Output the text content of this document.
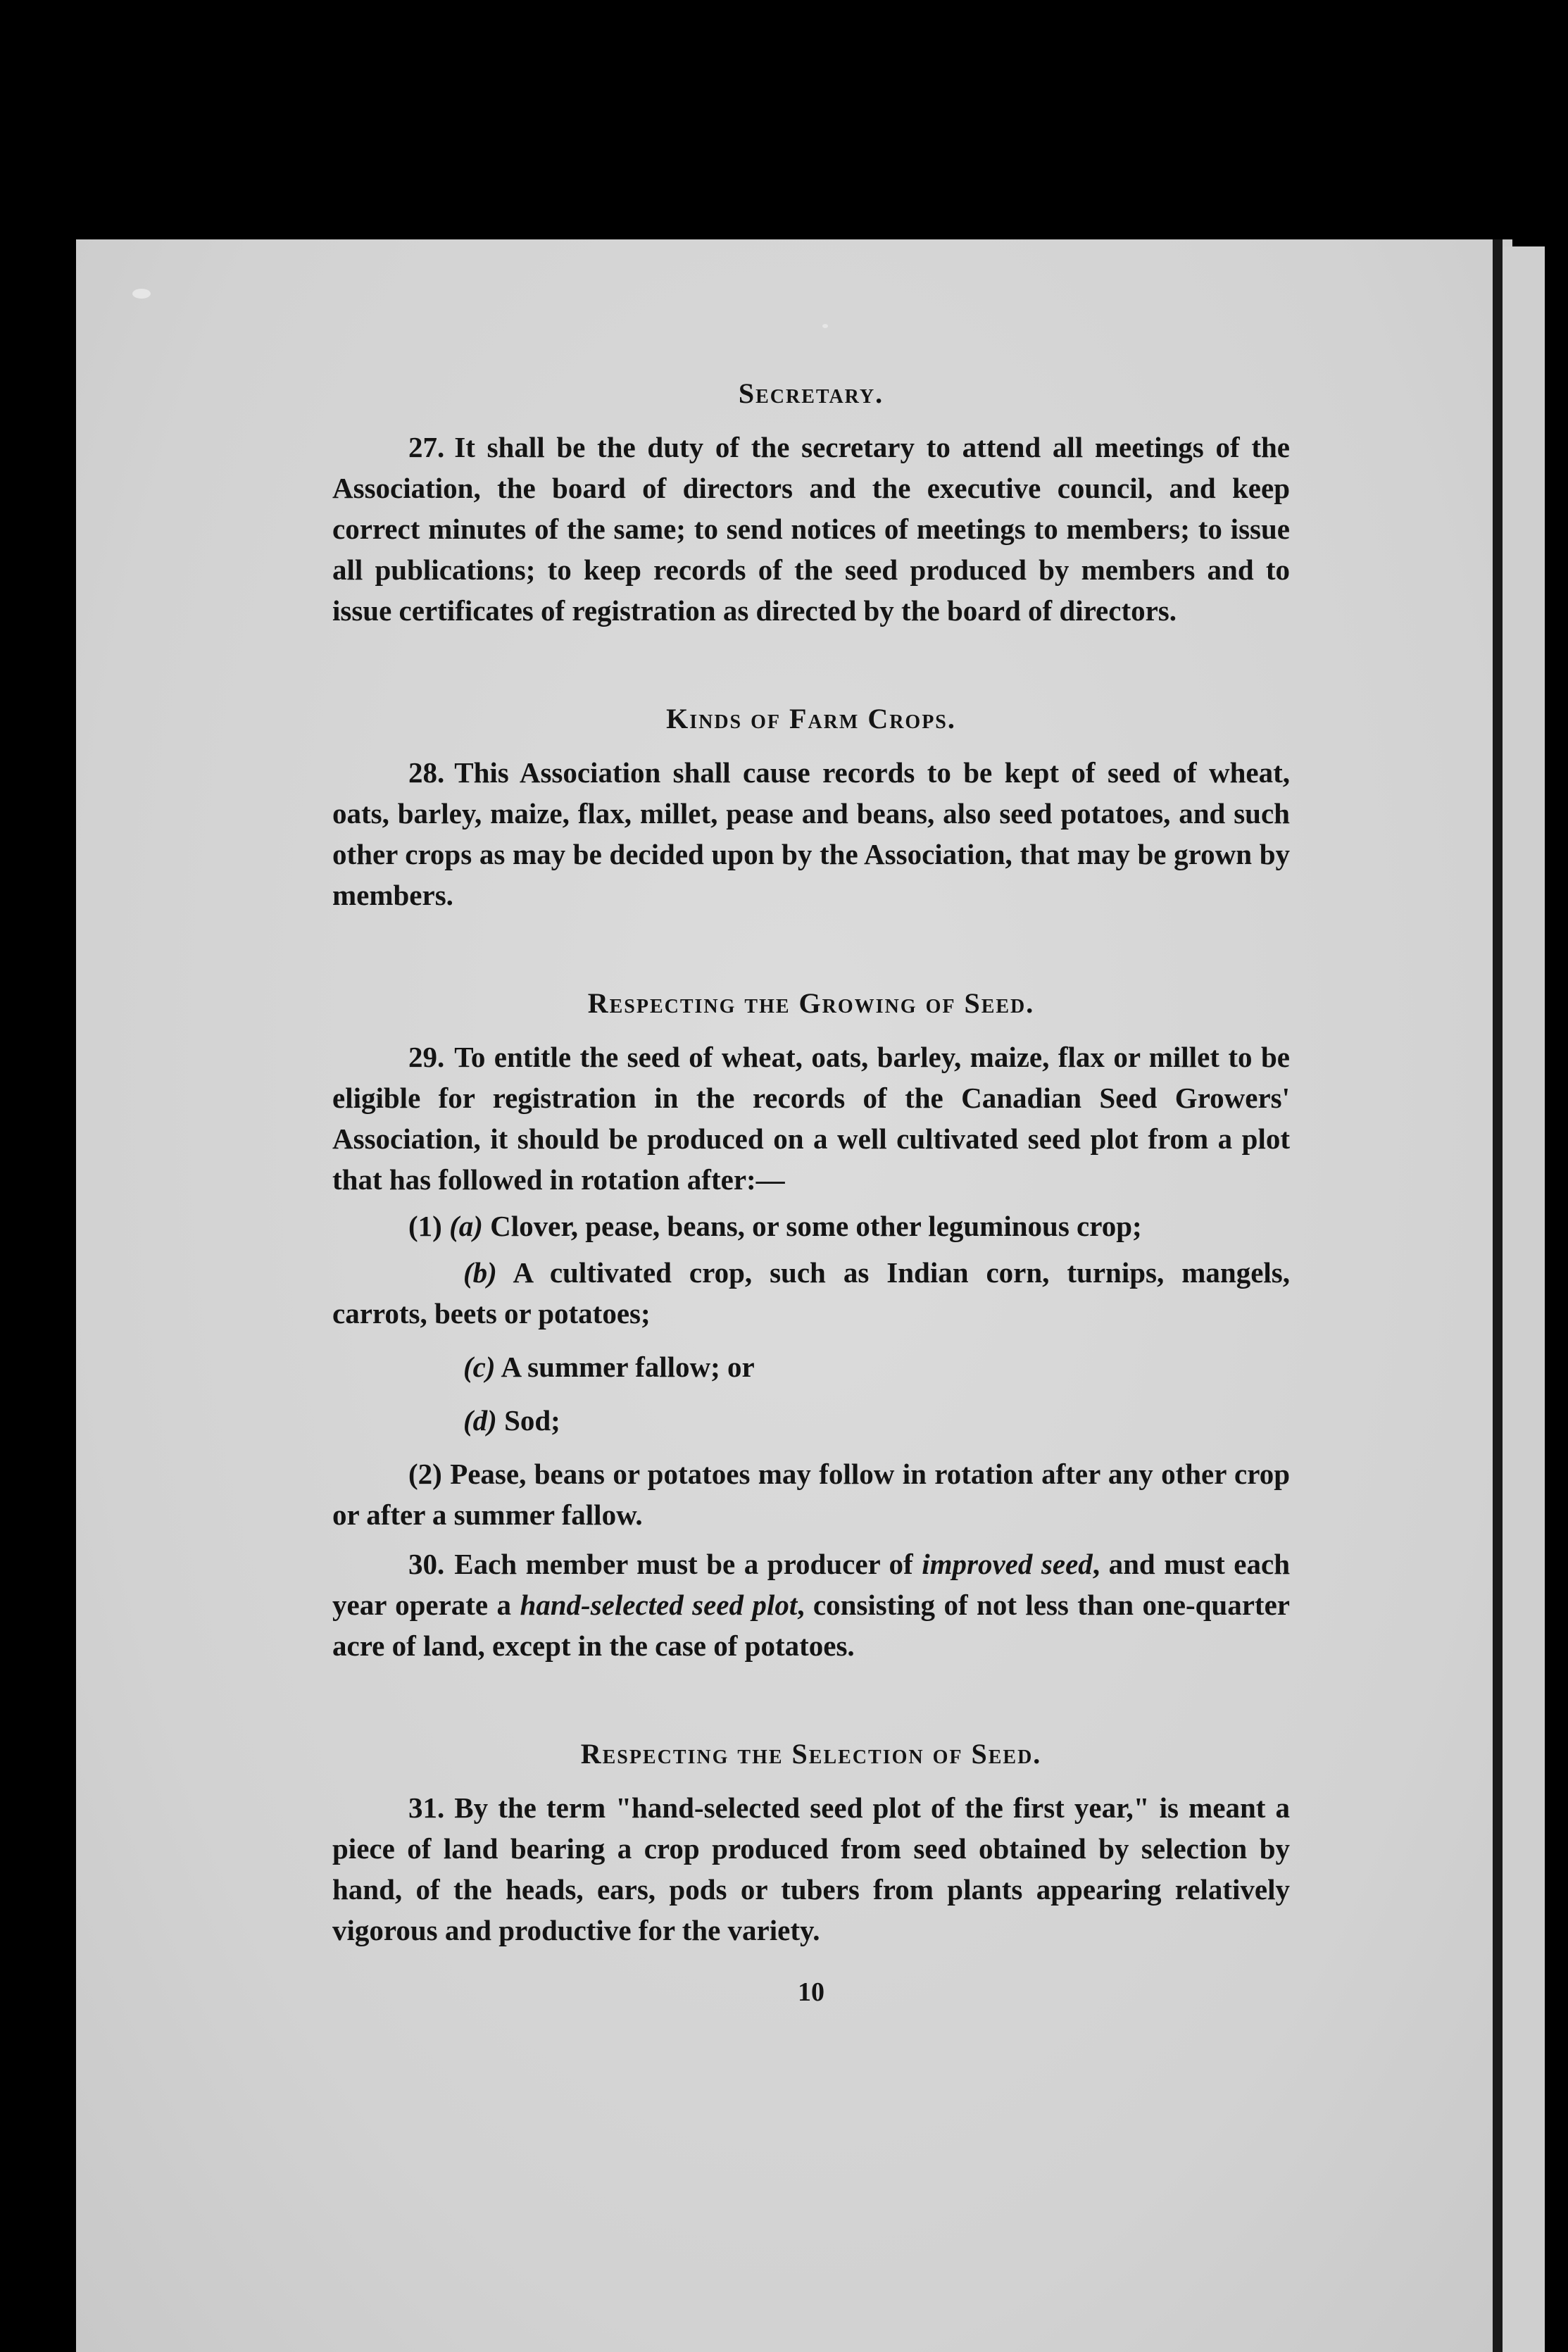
Secretary.

27. It shall be the duty of the secretary to attend all meetings of the Association, the board of directors and the executive council, and keep correct minutes of the same; to send notices of meetings to members; to issue all publications; to keep records of the seed produced by members and to issue certificates of registration as directed by the board of directors.

Kinds of Farm Crops.

28. This Association shall cause records to be kept of seed of wheat, oats, barley, maize, flax, millet, pease and beans, also seed potatoes, and such other crops as may be decided upon by the Association, that may be grown by members.

Respecting the Growing of Seed.

29. To entitle the seed of wheat, oats, barley, maize, flax or millet to be eligible for registration in the records of the Canadian Seed Growers' Association, it should be produced on a well cultivated seed plot from a plot that has followed in rotation after:—

(1) (a) Clover, pease, beans, or some other leguminous crop;

(b) A cultivated crop, such as Indian corn, turnips, mangels, carrots, beets or potatoes;

(c) A summer fallow; or

(d) Sod;

(2) Pease, beans or potatoes may follow in rotation after any other crop or after a summer fallow.

30. Each member must be a producer of improved seed, and must each year operate a hand-selected seed plot, consisting of not less than one-quarter acre of land, except in the case of potatoes.

Respecting the Selection of Seed.

31. By the term "hand-selected seed plot of the first year," is meant a piece of land bearing a crop produced from seed obtained by selection by hand, of the heads, ears, pods or tubers from plants appearing relatively vigorous and productive for the variety.

10
